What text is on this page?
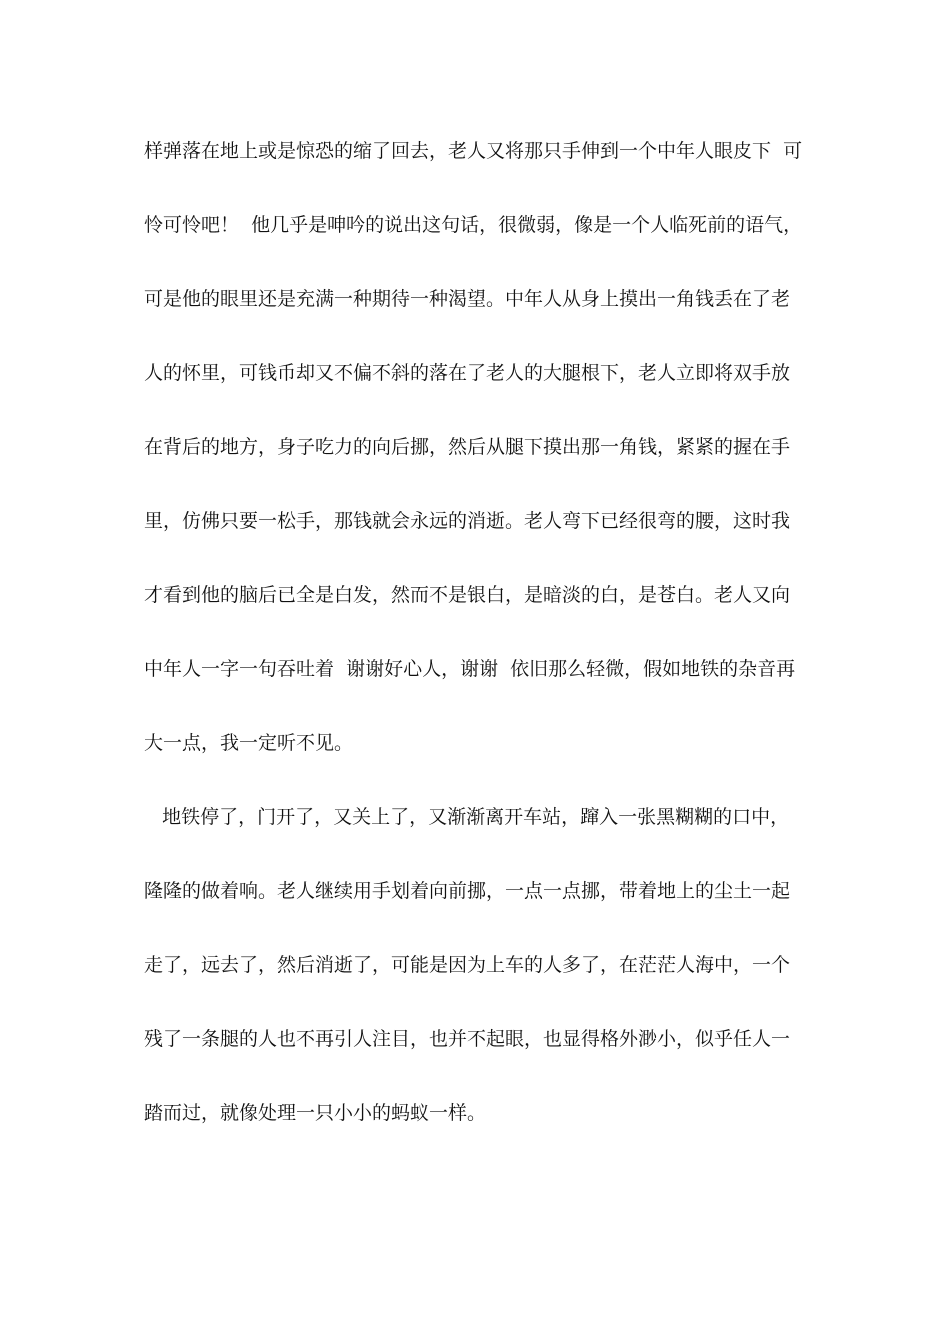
样弹落在地上或是惊恐的缩了回去，老人又将那只手伸到一个中年人眼皮下  可
怜可怜吧！  他几乎是呻吟的说出这句话，很微弱，像是一个人临死前的语气，
可是他的眼里还是充满一种期待一种渴望。中年人从身上摸出一角钱丢在了老
人的怀里，可钱币却又不偏不斜的落在了老人的大腿根下，老人立即将双手放
在背后的地方，身子吃力的向后挪，然后从腿下摸出那一角钱，紧紧的握在手
里，仿佛只要一松手，那钱就会永远的消逝。老人弯下已经很弯的腰，这时我
才看到他的脑后已全是白发，然而不是银白，是暗淡的白，是苍白。老人又向
中年人一字一句吞吐着  谢谢好心人，谢谢  依旧那么轻微，假如地铁的杂音再
大一点，我一定听不见。
地铁停了，门开了，又关上了，又渐渐离开车站，蹿入一张黑糊糊的口中，
隆隆的做着响。老人继续用手划着向前挪，一点一点挪，带着地上的尘土一起
走了，远去了，然后消逝了，可能是因为上车的人多了，在茫茫人海中，一个
残了一条腿的人也不再引人注目，也并不起眼，也显得格外渺小，似乎任人一
踏而过，就像处理一只小小的蚂蚁一样。
